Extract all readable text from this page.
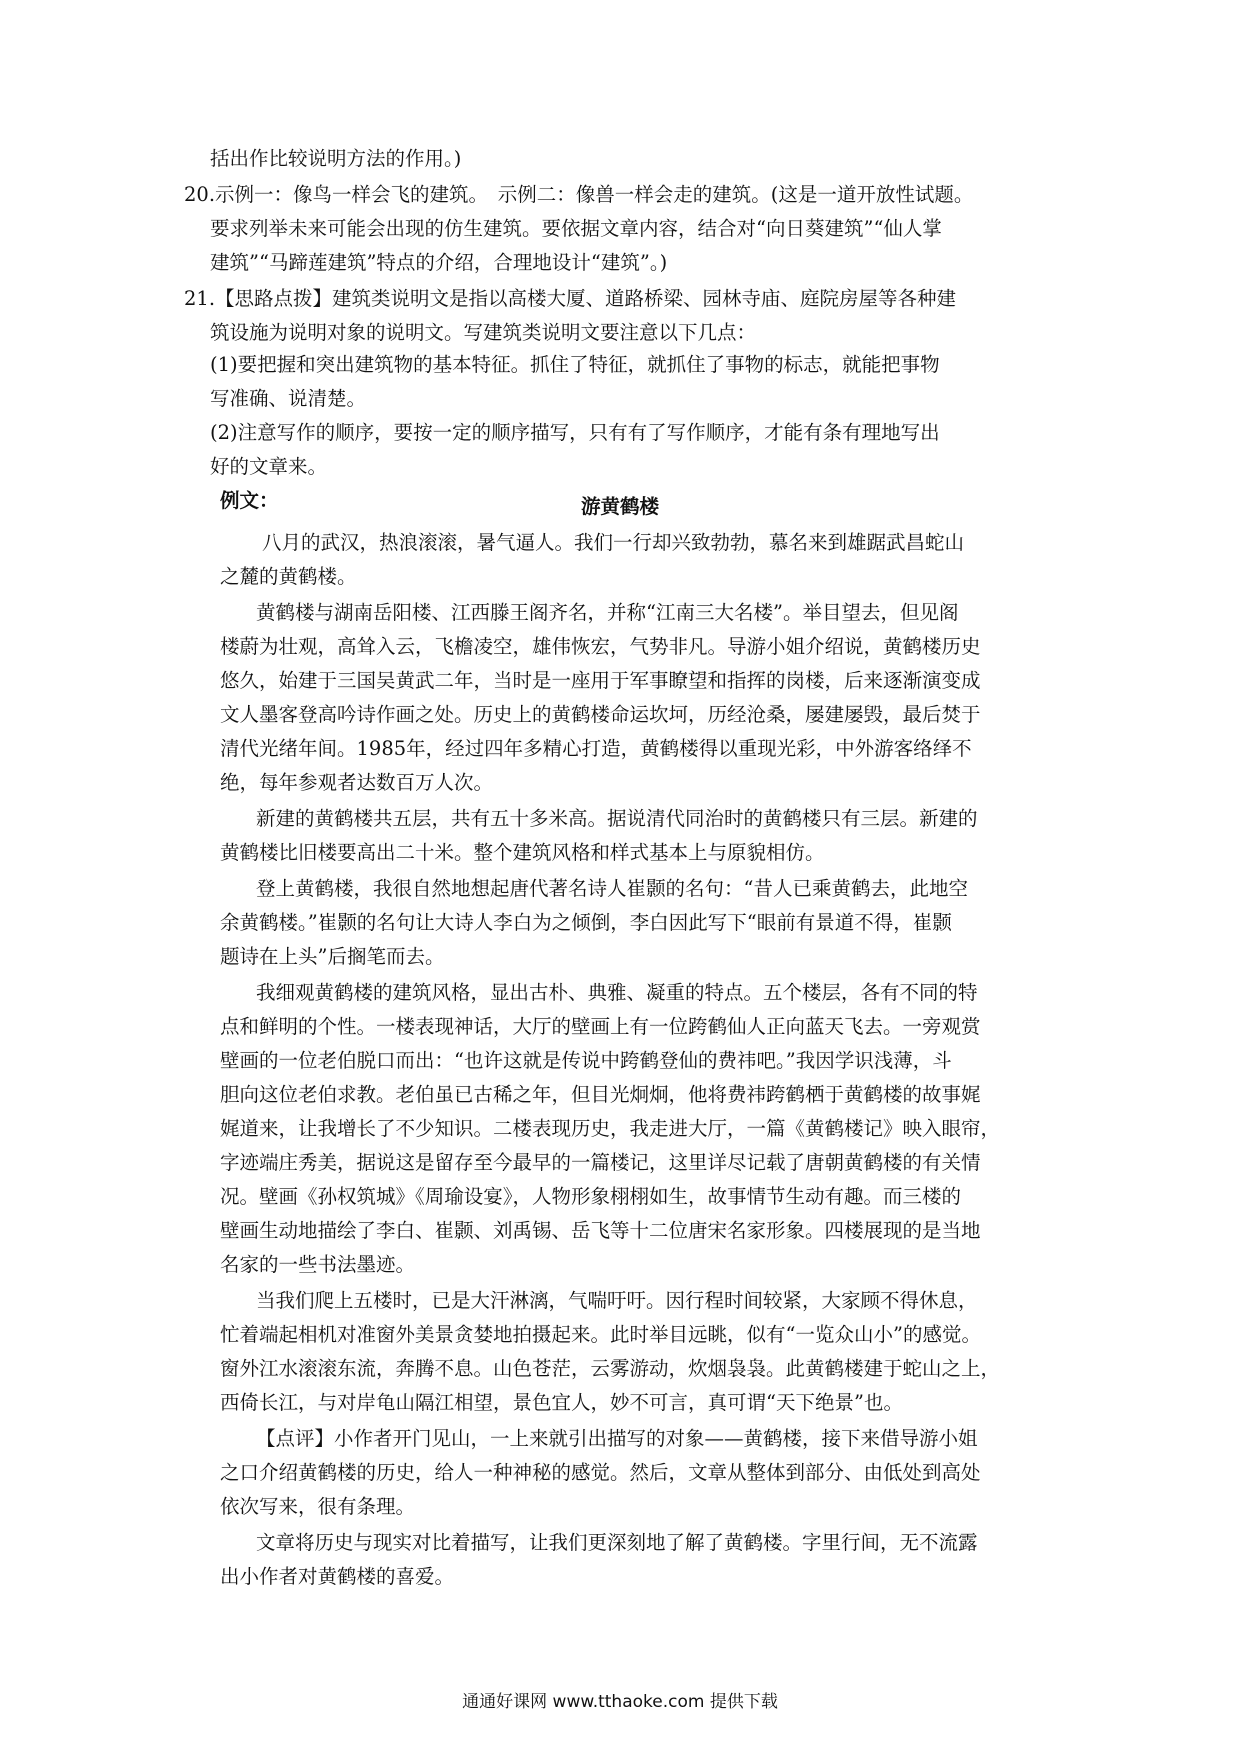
括出作比较说明方法的作用。)
20.示例一：像鸟一样会飞的建筑。　示例二：像兽一样会走的建筑。(这是一道开放性试题。
要求列举未来可能会出现的仿生建筑。要依据文章内容，结合对“向日葵建筑”“仙人掌
建筑”“马蹄莲建筑”特点的介绍，合理地设计“建筑”。)
21.【思路点拨】建筑类说明文是指以高楼大厦、道路桥梁、园林寺庙、庭院房屋等各种建
筑设施为说明对象的说明文。写建筑类说明文要注意以下几点：
(1)要把握和突出建筑物的基本特征。抓住了特征，就抓住了事物的标志，就能把事物
写准确、说清楚。
(2)注意写作的顺序，要按一定的顺序描写，只有有了写作顺序，才能有条有理地写出
好的文章来。
例文：	游黄鹤楼
八月的武汉，热浪滚滚，暑气逼人。我们一行却兴致勃勃，慕名来到雄踞武昌蛇山
之麓的黄鹤楼。
黄鹤楼与湖南岳阳楼、江西滕王阁齐名，并称“江南三大名楼”。举目望去，但见阁
楼蔚为壮观，高耸入云，飞檐凌空，雄伟恢宏，气势非凡。导游小姐介绍说，黄鹤楼历史
悠久，始建于三国吴黄武二年，当时是一座用于军事瞭望和指挥的岗楼，后来逐渐演变成
文人墨客登高吟诗作画之处。历史上的黄鹤楼命运坎坷，历经沧桑，屡建屡毁，最后焚于
清代光绪年间。1985年，经过四年多精心打造，黄鹤楼得以重现光彩，中外游客络绎不
绝，每年参观者达数百万人次。
新建的黄鹤楼共五层，共有五十多米高。据说清代同治时的黄鹤楼只有三层。新建的
黄鹤楼比旧楼要高出二十米。整个建筑风格和样式基本上与原貌相仿。
登上黄鹤楼，我很自然地想起唐代著名诗人崔颢的名句：“昔人已乘黄鹤去，此地空
余黄鹤楼。”崔颢的名句让大诗人李白为之倾倒，李白因此写下“眼前有景道不得，崔颢
题诗在上头”后搁笔而去。
我细观黄鹤楼的建筑风格，显出古朴、典雅、凝重的特点。五个楼层，各有不同的特
点和鲜明的个性。一楼表现神话，大厅的壁画上有一位跨鹤仙人正向蓝天飞去。一旁观赏
壁画的一位老伯脱口而出：“也许这就是传说中跨鹤登仙的费祎吧。”我因学识浅薄，斗
胆向这位老伯求教。老伯虽已古稀之年，但目光炯炯，他将费祎跨鹤栖于黄鹤楼的故事娓
娓道来，让我增长了不少知识。二楼表现历史，我走进大厅，一篇《黄鹤楼记》映入眼帘，
字迹端庄秀美，据说这是留存至今最早的一篇楼记，这里详尽记载了唐朝黄鹤楼的有关情
况。壁画《孙权筑城》《周瑜设宴》，人物形象栩栩如生，故事情节生动有趣。而三楼的
壁画生动地描绘了李白、崔颢、刘禹锡、岳飞等十二位唐宋名家形象。四楼展现的是当地
名家的一些书法墨迹。
当我们爬上五楼时，已是大汗淋漓，气喘吁吁。因行程时间较紧，大家顾不得休息，
忙着端起相机对准窗外美景贪婪地拍摄起来。此时举目远眺，似有“一览众山小”的感觉。
窗外江水滚滚东流，奔腾不息。山色苍茫，云雾游动，炊烟袅袅。此黄鹤楼建于蛇山之上，
西倚长江，与对岸龟山隔江相望，景色宜人，妙不可言，真可谓“天下绝景”也。
【点评】小作者开门见山，一上来就引出描写的对象——黄鹤楼，接下来借导游小姐
之口介绍黄鹤楼的历史，给人一种神秘的感觉。然后，文章从整体到部分、由低处到高处
依次写来，很有条理。
文章将历史与现实对比着描写，让我们更深刻地了解了黄鹤楼。字里行间，无不流露
出小作者对黄鹤楼的喜爱。
通通好课网 www.tthaoke.com 提供下载
